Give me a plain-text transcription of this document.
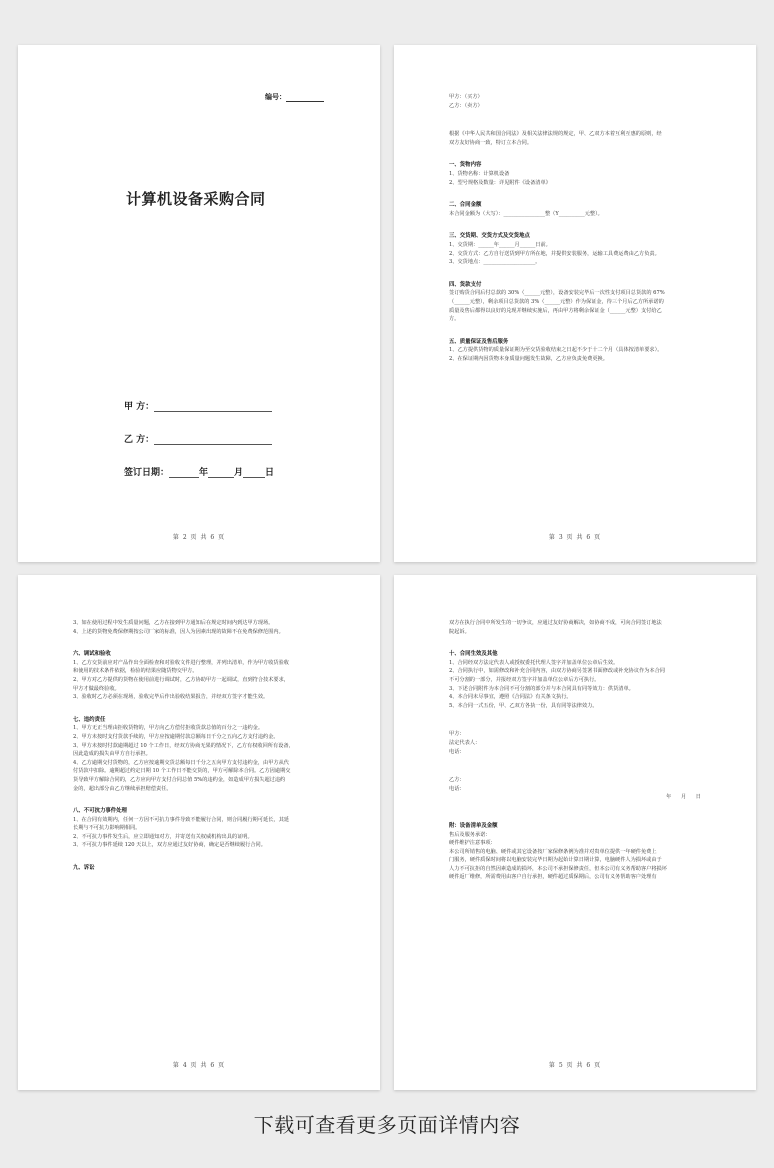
编号：
计算机设备采购合同
甲 方：
乙 方：
签订日期：	年	月 日
第 2 页 共 6 页

甲方：（买方）

乙方：（卖方）

根据《中华人民共和国合同法》及相关法律法规的规定，甲、乙双方本着互利互惠的原则，经

双方友好协商一致，特订立本合同。

一、货物内容

1、货物名称：计算机设备

2、型号规格及数量：详见附件《设备清单》

二、合同金额

本合同金额为（大写）：________________整（Y__________元整）。

三、交货期、交货方式及交货地点

1、交货期：______年______月______日前。

2、交货方式：乙方自行送货到甲方所在地，并提供安装服务，运输工具费运费由乙方负责。

3、交货地点：____________________。

四、货款支付

签订购货合同后付总款的 30%（______元整），设备安装完毕后一次性支付项目总货款的 67%

（______元整），剩余项目总货款的 3%（______元整）作为保证金，待三个月后乙方所承诺的

质量及售后都得以良好的兑现并继续实施后，再由甲方将剩余保证金（______元整）支付给乙

方。

五、质量保证及售后服务

1、乙方提供货物的质量保证期为至交货验收结束之日起不少于十二个月（具体按清单要求）。

2、在保证期内因货物本身质量问题发生故障，乙方应负责免费更换。

第 3 页 共 6 页

3、如在使用过程中发生质量问题，乙方在接到甲方通知后在规定时间内到达甲方现场。

4、上述的货物免费保修期按公司厂家的标准，因人为因素出现的故障不在免费保修范围内。

六、调试和验收

1、乙方交货前应对产品作出全面检查和对验收文件进行整理，并列出清单，作为甲方收货验收

和使用的技术条件依据，检验的结果应随货物交甲方。

2、甲方对乙方提供的货物在使用前进行调试时，乙方协助甲方一起调试，直到符合技术要求，

甲方才做最终验收。

3、验收时乙方必须在现场，验收完毕后作出验收结果报告，并经双方签字才能生效。

七、违约责任

1、甲方无正当理由拒收货物的，甲方向乙方偿付拒收货款总值的百分之一违约金。

2、甲方未按时支付货款手续的，甲方应按逾期付款总额每日千分之五向乙方支付违约金。

3、甲方未按时付款逾期超过 10 个工作日，经双方协商无果的情况下，乙方有权收回所有设备，

因此造成的损失由甲方自行承担。

4、乙方逾期交付货物的，乙方应按逾期交货总额每日千分之五向甲方支付违约金，由甲方从代

付货款中扣除。逾期超过约定日期 10 个工作日不能交货的，甲方可解除本合同。乙方因逾期交

货导致甲方解除合同的，乙方应向甲方支付合同总值 5%的违约金，如造成甲方损失超过违约

金的，超出部分由乙方继续承担赔偿责任。

八、不可抗力事件处理

1、在合同有效期内，任何一方因不可抗力事件导致不能履行合同，则合同履行期可延长，其延

长期与不可抗力影响期相同。

2、不可抗力事件发生后，应立即通知对方，并寄送有关权威机构出具的证明。

3、不可抗力事件延续 120 天以上，双方应通过友好协商，确定是否继续履行合同。

九、诉讼

第 4 页 共 6 页

双方在执行合同中所发生的一切争议，应通过友好协商解决，如协商不成，可向合同签订地法

院起诉。

十、合同生效及其他

1、合同经双方法定代表人或授权委托代理人签字并加盖单位公章后生效。

2、合同执行中，如需修改和补充合同内容，由双方协商另签署书面修改或补充协议作为本合同

不可分割的一部分，并报经双方签字并加盖单位公章后方可执行。

3、下述合同附件为本合同不可分割的部分并与本合同具有同等效力：供货清单。

4、本合同未尽事宜，遵照《合同法》有关条文执行。

5、本合同一式五份，甲、乙双方各执一份，具有同等法律效力。

甲方：

法定代表人：

电话：

乙方：

电话：

年 月 日

附：设备清单及金额

售后及服务承诺：

硬件维护注意事项：

本公司所销售的电脑、硬件或其它设备按厂家保修条例为准并对贵单位提供一年硬件免费上

门服务，硬件质保时间将以电脑安装完毕日期为起始计算日期计算，电脑硬件人为损坏或由于

人力不可抗拒的自然因素造成的损坏，本公司不承担保修责任，但本公司有义务帮助客户将损坏

硬件返厂维修，所需费用由客户自行承担，硬件超过质保期后，公司有义务帮助客户处理有

第 5 页 共 6 页
下载可查看更多页面详情内容
